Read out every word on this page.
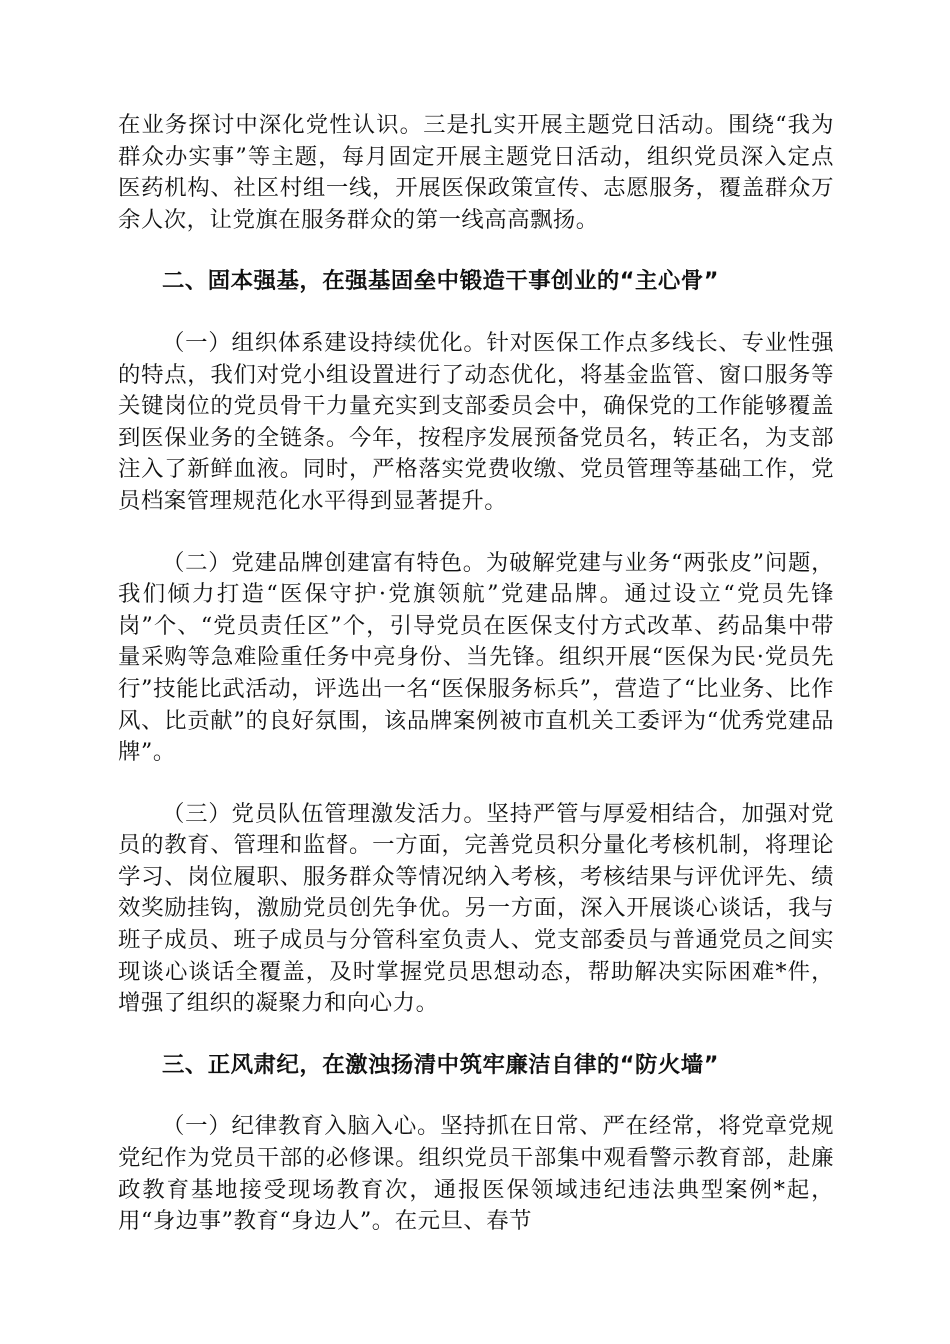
在业务探讨中深化党性认识。三是扎实开展主题党日活动。围绕“我为群众办实事”等主题，每月固定开展主题党日活动，组织党员深入定点医药机构、社区村组一线，开展医保政策宣传、志愿服务，覆盖群众万余人次，让党旗在服务群众的第一线高高飘扬。

二、固本强基，在强基固垒中锻造干事创业的“主心骨”

（一）组织体系建设持续优化。针对医保工作点多线长、专业性强的特点，我们对党小组设置进行了动态优化，将基金监管、窗口服务等关键岗位的党员骨干力量充实到支部委员会中，确保党的工作能够覆盖到医保业务的全链条。今年，按程序发展预备党员名，转正名，为支部注入了新鲜血液。同时，严格落实党费收缴、党员管理等基础工作，党员档案管理规范化水平得到显著提升。

（二）党建品牌创建富有特色。为破解党建与业务“两张皮”问题，我们倾力打造“医保守护·党旗领航”党建品牌。通过设立“党员先锋岗”个、“党员责任区”个，引导党员在医保支付方式改革、药品集中带量采购等急难险重任务中亮身份、当先锋。组织开展“医保为民·党员先行”技能比武活动，评选出一名“医保服务标兵”，营造了“比业务、比作风、比贡献”的良好氛围，该品牌案例被市直机关工委评为“优秀党建品牌”。

（三）党员队伍管理激发活力。坚持严管与厚爱相结合，加强对党员的教育、管理和监督。一方面，完善党员积分量化考核机制，将理论学习、岗位履职、服务群众等情况纳入考核，考核结果与评优评先、绩效奖励挂钩，激励党员创先争优。另一方面，深入开展谈心谈话，我与班子成员、班子成员与分管科室负责人、党支部委员与普通党员之间实现谈心谈话全覆盖，及时掌握党员思想动态，帮助解决实际困难*件，增强了组织的凝聚力和向心力。

三、正风肃纪，在激浊扬清中筑牢廉洁自律的“防火墙”

（一）纪律教育入脑入心。坚持抓在日常、严在经常，将党章党规党纪作为党员干部的必修课。组织党员干部集中观看警示教育部，赴廉政教育基地接受现场教育次，通报医保领域违纪违法典型案例*起，用“身边事”教育“身边人”。在元旦、春节
